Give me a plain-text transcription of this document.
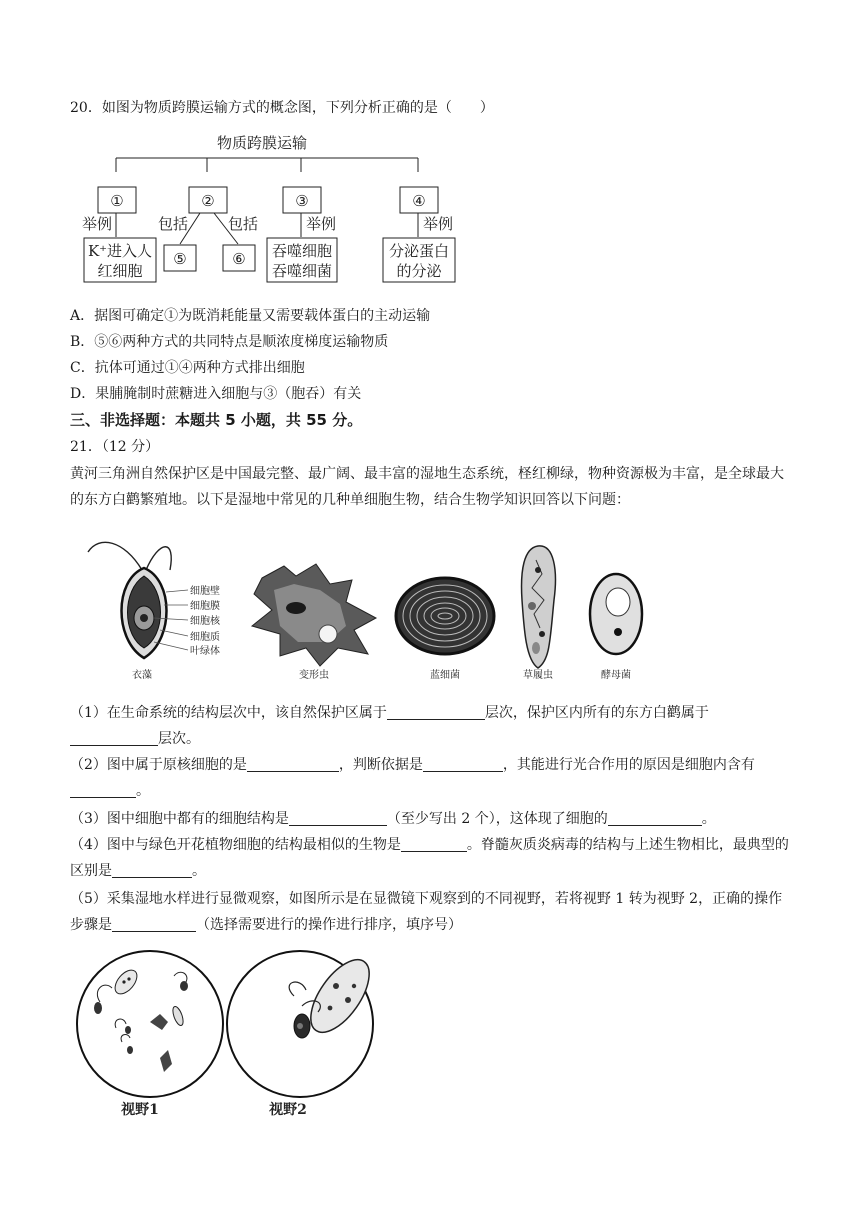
20．如图为物质跨膜运输方式的概念图，下列分析正确的是（　　）
物质跨膜运输
①	②	③	④
⑤	⑥
举例	包括	包括	举例	举例
K⁺进入人
红细胞
吞噬细胞
吞噬细菌
分泌蛋白
的分泌
A．据图可确定①为既消耗能量又需要载体蛋白的主动运输
B．⑤⑥两种方式的共同特点是顺浓度梯度运输物质
C．抗体可通过①④两种方式排出细胞
D．果脯腌制时蔗糖进入细胞与③（胞吞）有关
三、非选择题：本题共 5 小题，共 55 分。
21．（12 分）
黄河三角洲自然保护区是中国最完整、最广阔、最丰富的湿地生态系统，柽红柳绿，物种资源极为丰富，是全球最大的东方白鹳繁殖地。以下是湿地中常见的几种单细胞生物，结合生物学知识回答以下问题：
细胞壁
细胞膜
细胞核
细胞质
叶绿体
衣藻	变形虫	蓝细菌	草履虫	酵母菌
（1）在生命系统的结构层次中，该自然保护区属于	层次，保护区内所有的东方白鹳属于层次。
（2）图中属于原核细胞的是	，判断依据是	，其能进行光合作用的原因是细胞内含有。
（3）图中细胞中都有的细胞结构是	（至少写出 2 个），这体现了细胞的	。
（4）图中与绿色开花植物细胞的结构最相似的生物是	。脊髓灰质炎病毒的结构与上述生物相比，最典型的区别是	。
（5）采集湿地水样进行显微观察，如图所示是在显微镜下观察到的不同视野，若将视野 1 转为视野 2，正确的操作步骤是	（选择需要进行的操作进行排序，填序号）
视野1	视野2
